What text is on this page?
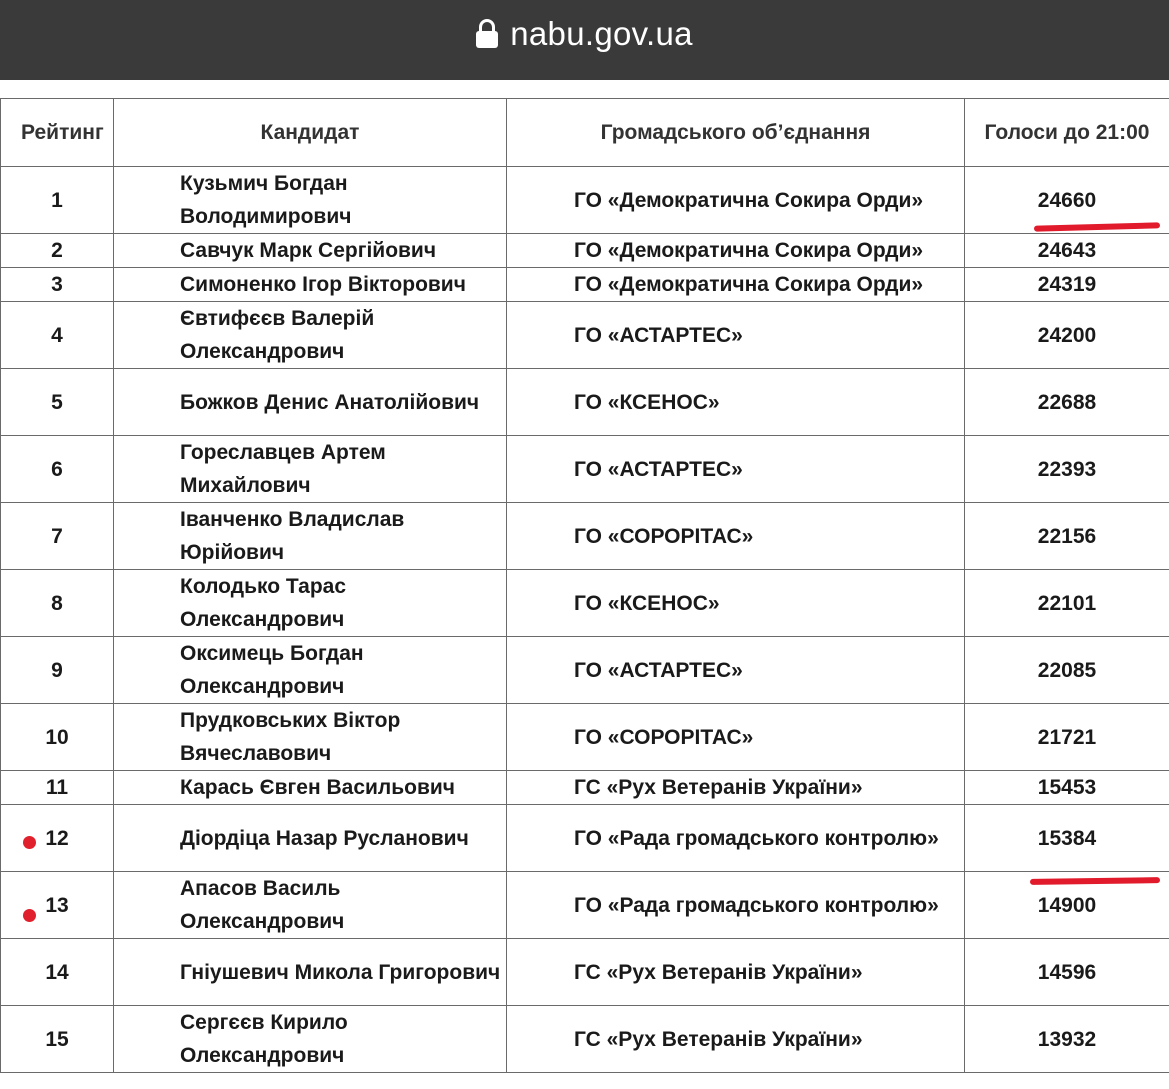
nabu.gov.ua
Рейтинг	Кандидат	Громадського об’єднання	Голоси до 21:00
1	Кузьмич Богдан Володимирович	ГО «Демократична Сокира Орди»	24660
2	Савчук Марк Сергійович	ГО «Демократична Сокира Орди»	24643
3	Симоненко Ігор Вікторович	ГО «Демократична Сокира Орди»	24319
4	Євтифєєв Валерій Олександрович	ГО «АСТАРТЕС»	24200
5	Божков Денис Анатолійович	ГО «КСЕНОС»	22688
6	Гореславцев Артем Михайлович	ГО «АСТАРТЕС»	22393
7	Іванченко Владислав Юрійович	ГО «СОРОРІТАС»	22156
8	Колодько Тарас Олександрович	ГО «КСЕНОС»	22101
9	Оксимець Богдан Олександрович	ГО «АСТАРТЕС»	22085
10	Прудковських Віктор Вячеславович	ГО «СОРОРІТАС»	21721
11	Карась Євген Васильович	ГС «Рух Ветеранів України»	15453

12	Діордіца Назар Русланович	ГО «Рада громадського контролю»	15384

13	Апасов Василь Олександрович	ГО «Рада громадського контролю»	14900
14	Гніушевич Микола Григорович	ГС «Рух Ветеранів України»	14596
15	Сергєєв Кирило Олександрович	ГС «Рух Ветеранів України»	13932
